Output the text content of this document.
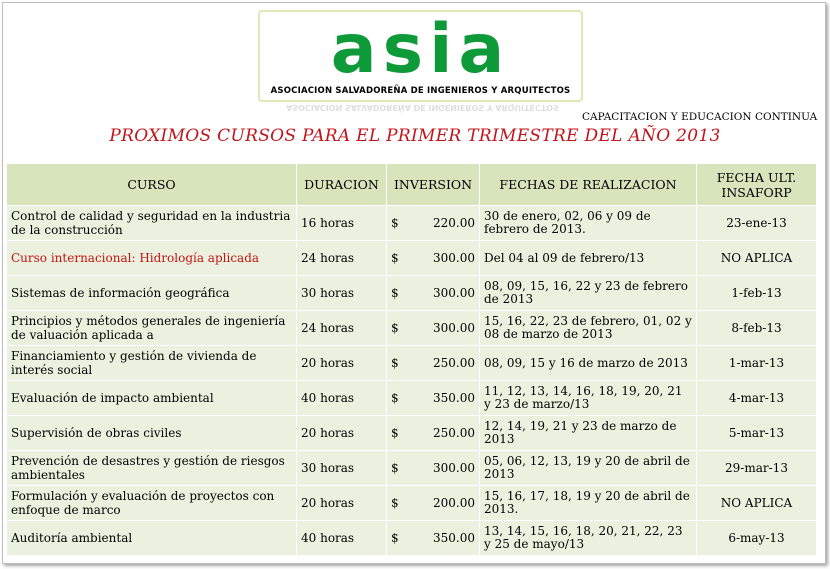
asia
ASOCIACION SALVADOREÑA DE INGENIEROS Y ARQUITECTOS
ASOCIACION SALVADOREÑA DE INGENIEROS Y ARQUITECTOS
CAPACITACION Y EDUCACION CONTINUA
PROXIMOS CURSOS PARA EL PRIMER TRIMESTRE DEL AÑO 2013
CURSO	DURACION	INVERSION	FECHAS DE REALIZACION	FECHA ULT. INSAFORP

Control de calidad y seguridad en la industria de la construcción	16 horas	$ 220.00	30 de enero, 02, 06 y 09 de febrero de 2013.	23-ene-13

Curso internacional: Hidrología aplicada	24 horas	$ 300.00	Del 04 al 09 de febrero/13	NO APLICA

Sistemas de información geográfica	30 horas	$ 300.00	08, 09, 15, 16, 22 y 23 de febrero de 2013	1-feb-13

Principios y métodos generales de ingeniería de valuación aplicada a	24 horas	$ 300.00	15, 16, 22, 23 de febrero, 01, 02 y 08 de marzo de 2013	8-feb-13

Financiamiento y gestión de vivienda de interés social	20 horas	$ 250.00	08, 09, 15 y 16 de marzo de 2013	1-mar-13

Evaluación de impacto ambiental	40 horas	$ 350.00	11, 12, 13, 14, 16, 18, 19, 20, 21 y 23 de marzo/13	4-mar-13

Supervisión de obras civiles	20 horas	$ 250.00	12, 14, 19, 21 y 23 de marzo de 2013	5-mar-13

Prevención de desastres y gestión de riesgos ambientales	30 horas	$ 300.00	05, 06, 12, 13, 19 y 20 de abril de 2013	29-mar-13

Formulación y evaluación de proyectos con enfoque de marco	20 horas	$ 200.00	15, 16, 17, 18, 19 y 20 de abril de 2013.	NO APLICA

Auditoría ambiental	40 horas	$ 350.00	13, 14, 15, 16, 18, 20, 21, 22, 23 y 25 de mayo/13	6-may-13
